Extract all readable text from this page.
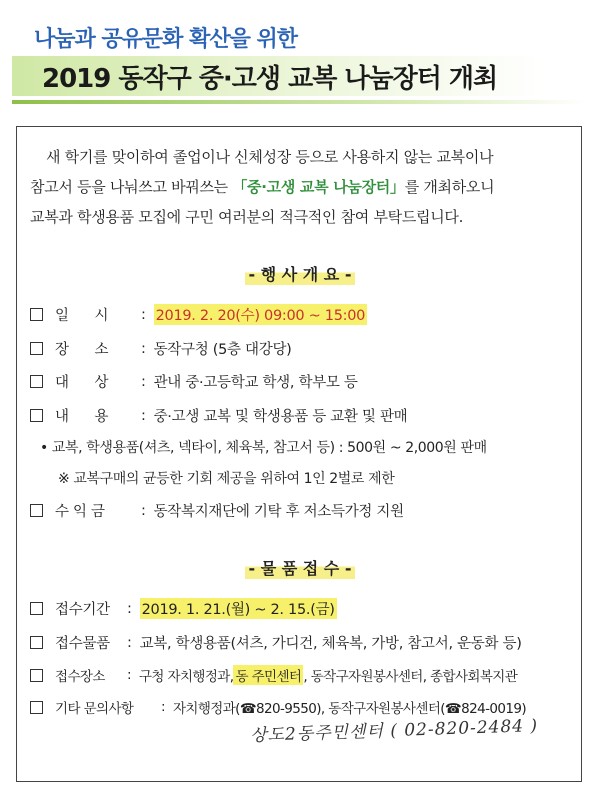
나눔과 공유문화 확산을 위한
2019 동작구 중·고생 교복 나눔장터 개최
새 학기를 맞이하여 졸업이나 신체성장 등으로 사용하지 않는 교복이나
참고서 등을 나눠쓰고 바꿔쓰는 「중·고생 교복 나눔장터」를 개최하오니
교복과 학생용품 모집에 구민 여러분의 적극적인 참여 부탁드립니다.
- 행 사 개 요 -
일      시	: 2019. 2. 20(수) 09:00 ~ 15:00
장      소	: 동작구청 (5층 대강당)
대      상	: 관내 중·고등학교 학생, 학부모 등
내      용	: 중·고생 교복 및 학생용품 등 교환 및 판매
• 교복, 학생용품(셔츠, 넥타이, 체육복, 참고서 등) : 500원 ~ 2,000원 판매
※ 교복구매의 균등한 기회 제공을 위하여 1인 2벌로 제한
수 익 금	: 동작복지재단에 기탁 후 저소득가정 지원
- 물 품 접 수 -
접수기간	: 2019. 1. 21.(월) ~ 2. 15.(금)
접수물품	: 교복, 학생용품(셔츠, 가디건, 체육복, 가방, 참고서, 운동화 등)
접수장소	: 구청 자치행정과, 동 주민센터 , 동작구자원봉사센터, 종합사회복지관
기타 문의사항	: 자치행정과(☎820-9550), 동작구자원봉사센터(☎824-0019)
상도2동주민센터 ( 02-820-2484 )
